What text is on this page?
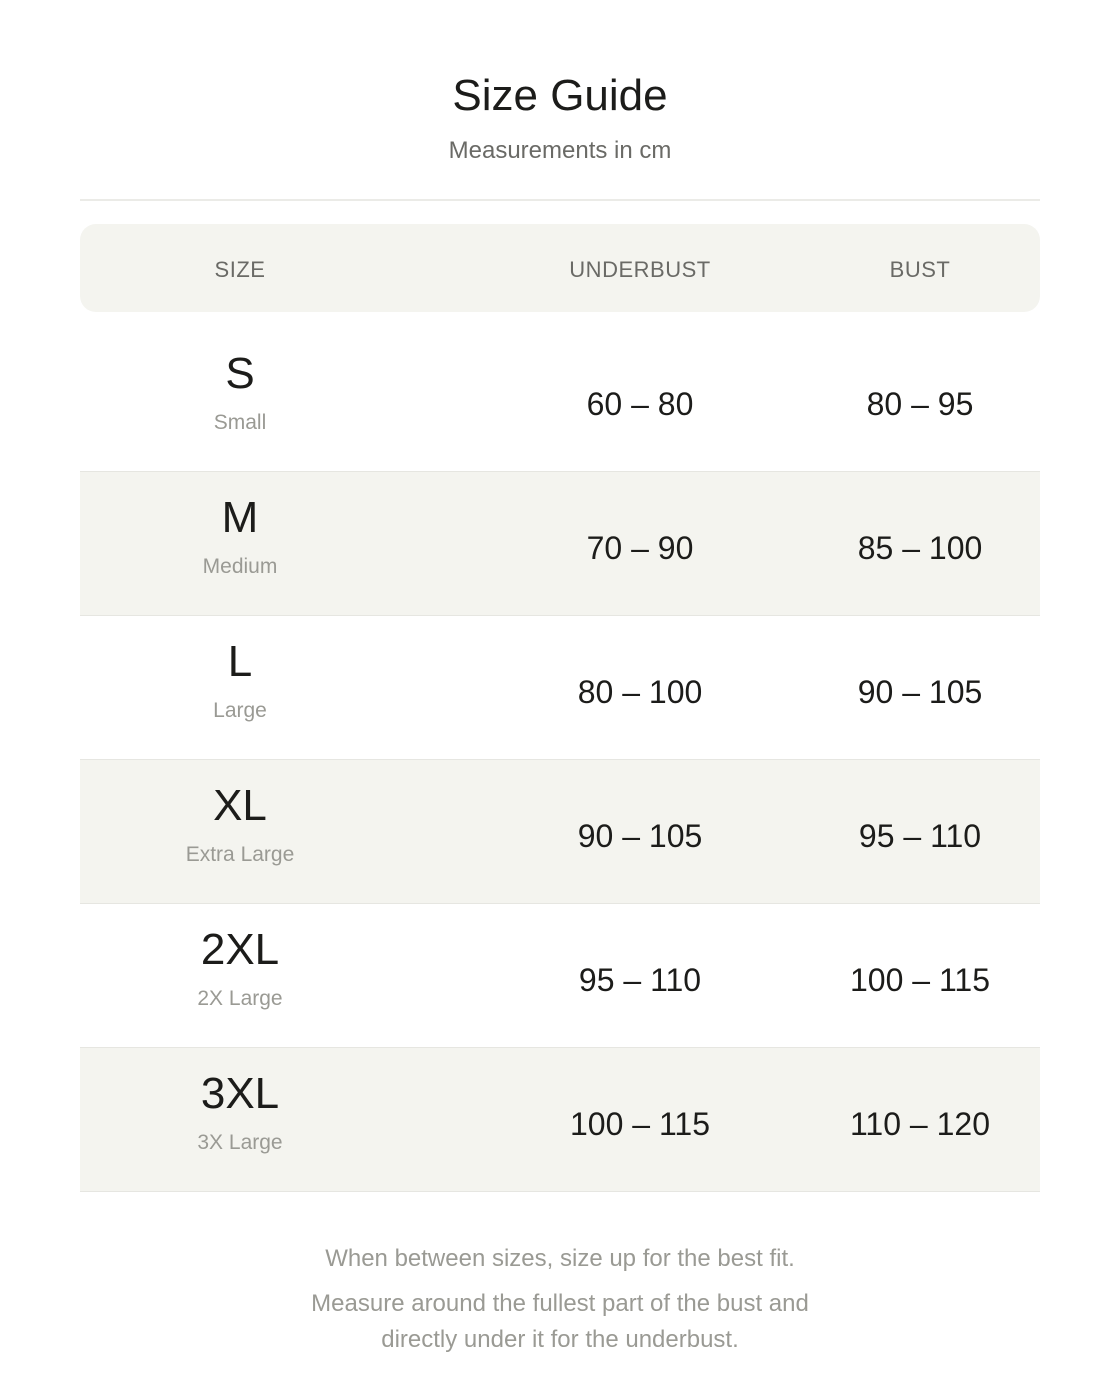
Size Guide
Measurements in cm
SIZE	UNDERBUST	BUST
S
Small
60 – 80	80 – 95
M
Medium
70 – 90	85 – 100
L
Large
80 – 100	90 – 105
XL
Extra Large
90 – 105	95 – 110
2XL
2X Large
95 – 110	100 – 115
3XL
3X Large
100 – 115	110 – 120
When between sizes, size up for the best fit.
Measure around the fullest part of the bust and directly under it for the underbust.
